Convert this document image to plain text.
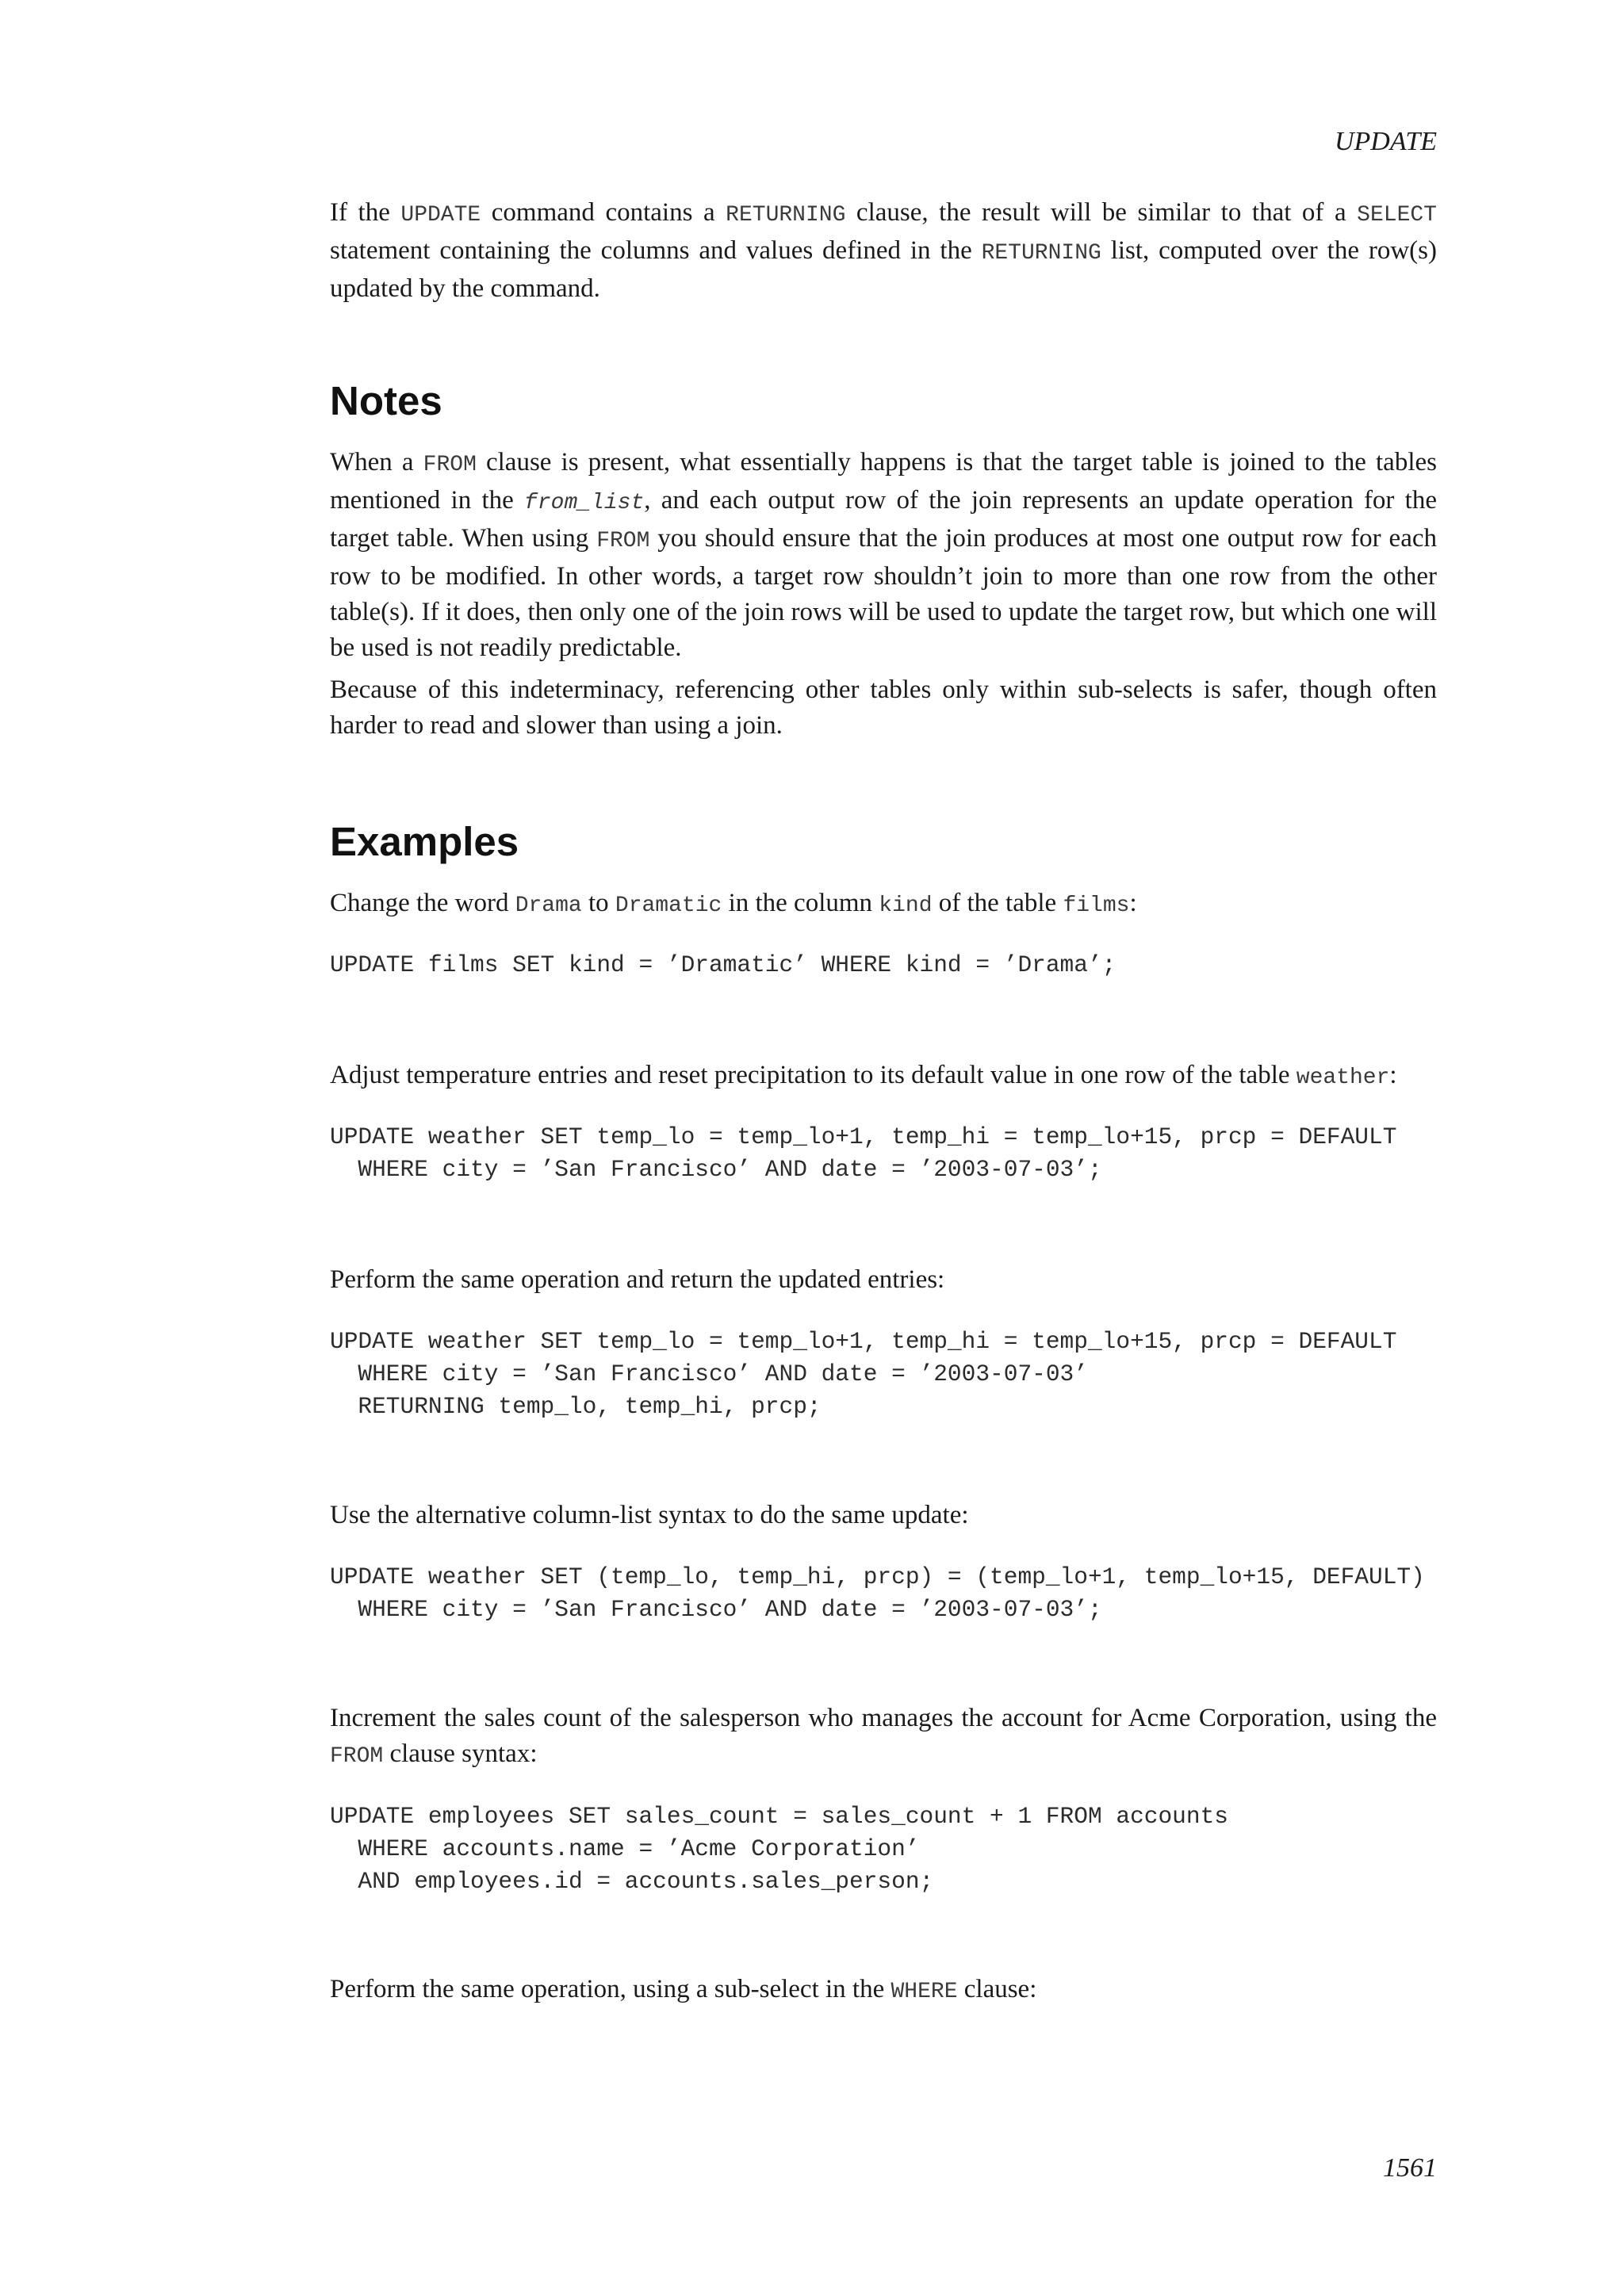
UPDATE

If the UPDATE command contains a RETURNING clause, the result will be similar to that of a SELECT statement containing the columns and values defined in the RETURNING list, computed over the row(s) updated by the command.

Notes

When a FROM clause is present, what essentially happens is that the target table is joined to the tables mentioned in the from_list, and each output row of the join represents an update operation for the target table. When using FROM you should ensure that the join produces at most one output row for each row to be modified. In other words, a target row shouldn’t join to more than one row from the other table(s). If it does, then only one of the join rows will be used to update the target row, but which one will be used is not readily predictable.

Because of this indeterminacy, referencing other tables only within sub-selects is safer, though often harder to read and slower than using a join.

Examples

Change the word Drama to Dramatic in the column kind of the table films:

UPDATE films SET kind = ’Dramatic’ WHERE kind = ’Drama’;

Adjust temperature entries and reset precipitation to its default value in one row of the table weather:

UPDATE weather SET temp_lo = temp_lo+1, temp_hi = temp_lo+15, prcp = DEFAULT
WHERE city = ’San Francisco’ AND date = ’2003-07-03’;

Perform the same operation and return the updated entries:

UPDATE weather SET temp_lo = temp_lo+1, temp_hi = temp_lo+15, prcp = DEFAULT
WHERE city = ’San Francisco’ AND date = ’2003-07-03’
RETURNING temp_lo, temp_hi, prcp;

Use the alternative column-list syntax to do the same update:

UPDATE weather SET (temp_lo, temp_hi, prcp) = (temp_lo+1, temp_lo+15, DEFAULT)
WHERE city = ’San Francisco’ AND date = ’2003-07-03’;

Increment the sales count of the salesperson who manages the account for Acme Corporation, using the FROM clause syntax:

UPDATE employees SET sales_count = sales_count + 1 FROM accounts
WHERE accounts.name = ’Acme Corporation’
AND employees.id = accounts.sales_person;

Perform the same operation, using a sub-select in the WHERE clause:

1561
